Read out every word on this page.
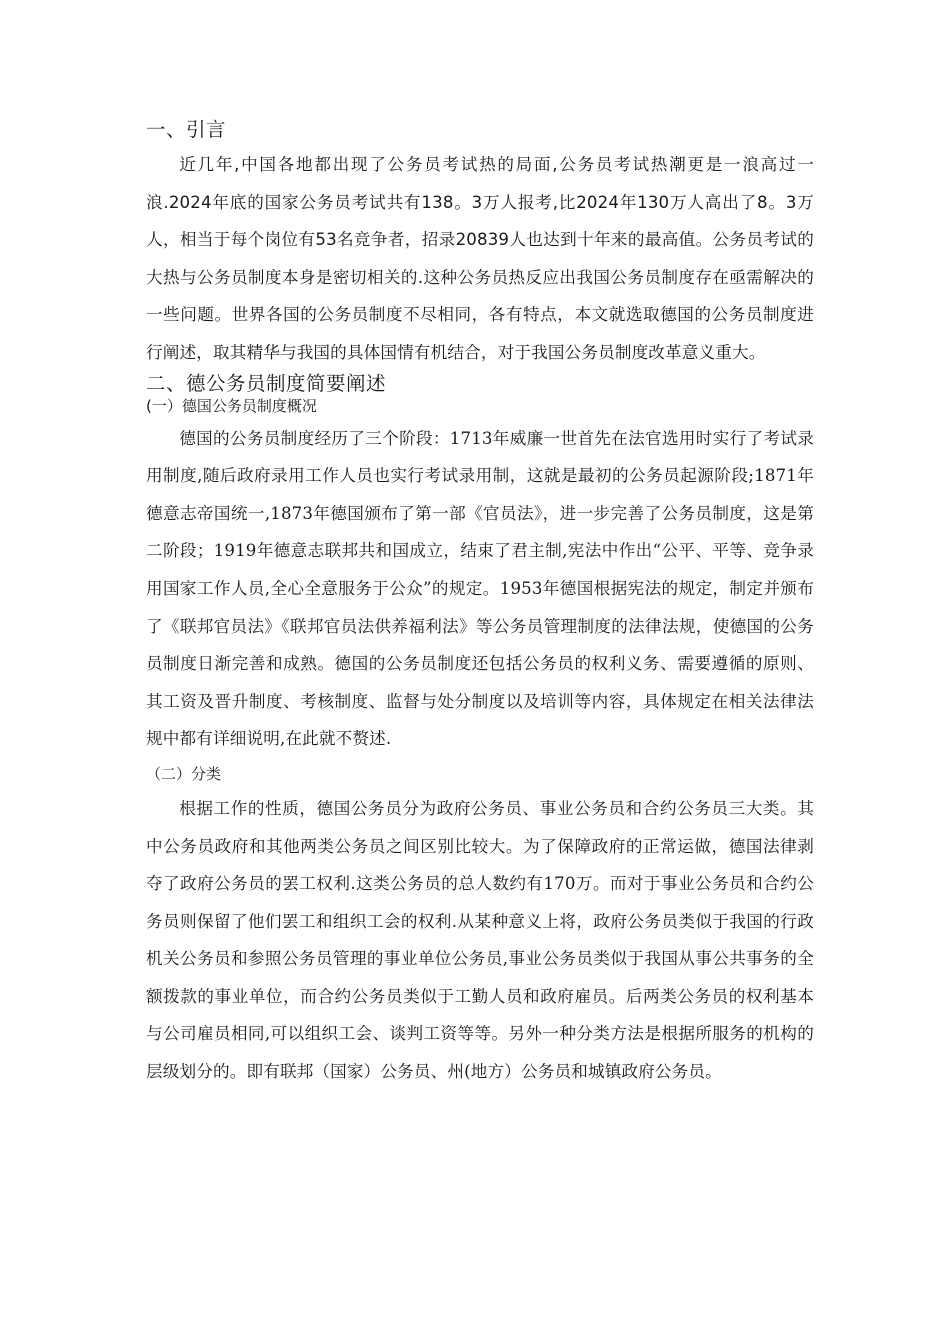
一、引言

近几年,中国各地都出现了公务员考试热的局面,公务员考试热潮更是一浪高过一浪.2024年底的国家公务员考试共有138。3万人报考,比2024年130万人高出了8。3万人，相当于每个岗位有53名竞争者，招录20839人也达到十年来的最高值。公务员考试的大热与公务员制度本身是密切相关的.这种公务员热反应出我国公务员制度存在亟需解决的一些问题。世界各国的公务员制度不尽相同，各有特点，本文就选取德国的公务员制度进行阐述，取其精华与我国的具体国情有机结合，对于我国公务员制度改革意义重大。

二、德公务员制度简要阐述
(一）德国公务员制度概况

德国的公务员制度经历了三个阶段：1713年威廉一世首先在法官选用时实行了考试录用制度,随后政府录用工作人员也实行考试录用制，这就是最初的公务员起源阶段;1871年德意志帝国统一,1873年德国颁布了第一部《官员法》，进一步完善了公务员制度，这是第二阶段；1919年德意志联邦共和国成立，结束了君主制,宪法中作出“公平、平等、竞争录用国家工作人员,全心全意服务于公众”的规定。1953年德国根据宪法的规定，制定并颁布了《联邦官员法》《联邦官员法供养福利法》等公务员管理制度的法律法规，使德国的公务员制度日渐完善和成熟。德国的公务员制度还包括公务员的权利义务、需要遵循的原则、其工资及晋升制度、考核制度、监督与处分制度以及培训等内容，具体规定在相关法律法规中都有详细说明,在此就不赘述.

（二）分类

根据工作的性质，德国公务员分为政府公务员、事业公务员和合约公务员三大类。其中公务员政府和其他两类公务员之间区别比较大。为了保障政府的正常运做，德国法律剥夺了政府公务员的罢工权利.这类公务员的总人数约有170万。而对于事业公务员和合约公务员则保留了他们罢工和组织工会的权利.从某种意义上将，政府公务员类似于我国的行政机关公务员和参照公务员管理的事业单位公务员,事业公务员类似于我国从事公共事务的全额拨款的事业单位，而合约公务员类似于工勤人员和政府雇员。后两类公务员的权利基本与公司雇员相同,可以组织工会、谈判工资等等。另外一种分类方法是根据所服务的机构的层级划分的。即有联邦（国家）公务员、州(地方）公务员和城镇政府公务员。
